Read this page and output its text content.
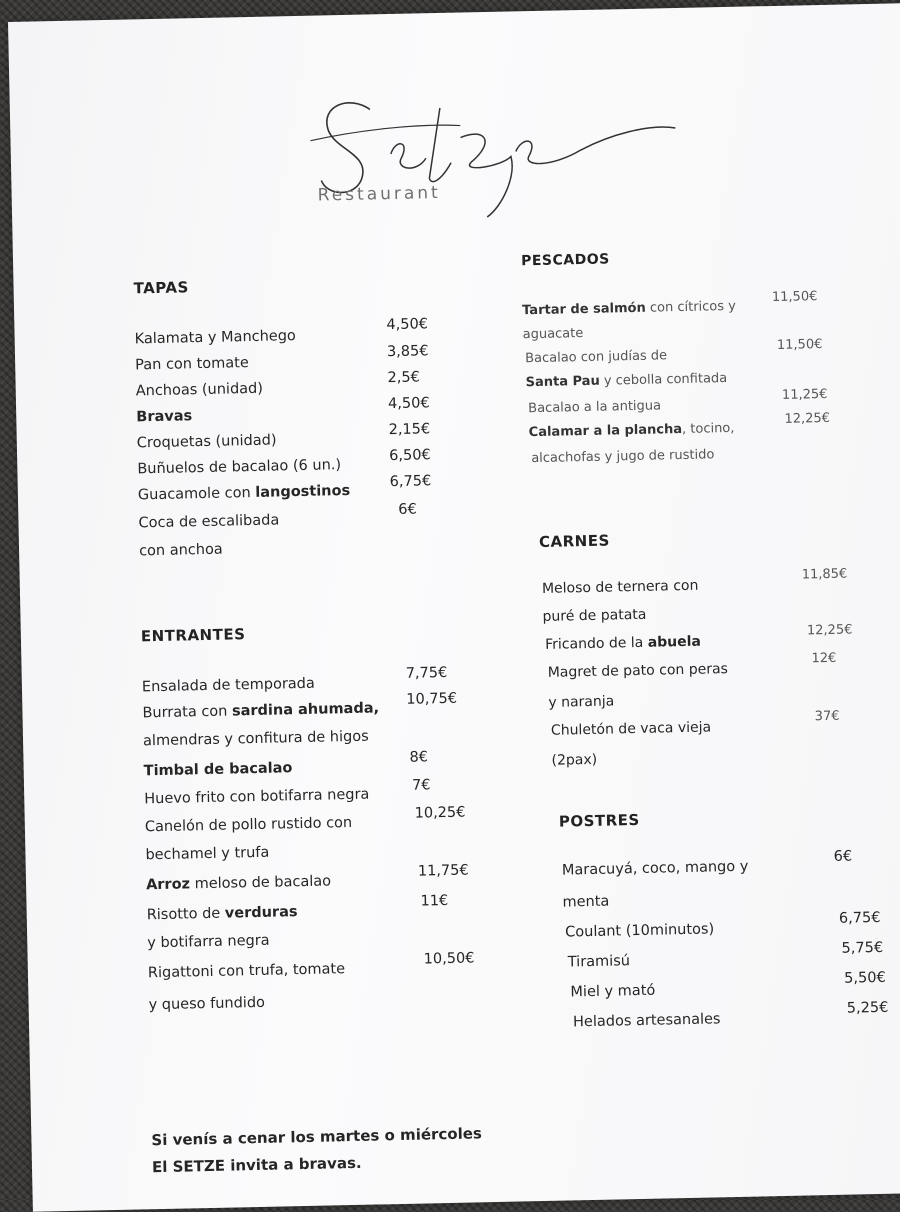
Restaurant
TAPAS
Kalamata y Manchego
4,50€
Pan con tomate
3,85€
Anchoas (unidad)
2,5€
Bravas
4,50€
Croquetas (unidad)
2,15€
Buñuelos de bacalao (6 un.)
6,50€
Guacamole con langostinos
6,75€
Coca de escalibada
6€
con anchoa
ENTRANTES
Ensalada de temporada
7,75€
Burrata con sardina ahumada,
10,75€
almendras y confitura de higos
Timbal de bacalao
8€
Huevo frito con botifarra negra
7€
Canelón de pollo rustido con
10,25€
bechamel y trufa
Arroz meloso de bacalao
11,75€
Risotto de verduras
11€
y botifarra negra
Rigattoni con trufa, tomate
10,50€
y queso fundido
PESCADOS
Tartar de salmón con cítricos y
11,50€
aguacate
Bacalao con judías de
11,50€
Santa Pau y cebolla confitada
Bacalao a la antigua
11,25€
Calamar a la plancha, tocino,
12,25€
alcachofas y jugo de rustido
CARNES
Meloso de ternera con
11,85€
puré de patata
Fricando de la abuela
12,25€
Magret de pato con peras
12€
y naranja
Chuletón de vaca vieja
37€
(2pax)
POSTRES
Maracuyá, coco, mango y
6€
menta
Coulant (10minutos)
6,75€
Tiramisú
5,75€
Miel y mató
5,50€
Helados artesanales
5,25€
Si venís a cenar los martes o miércoles
El SETZE invita a bravas.
